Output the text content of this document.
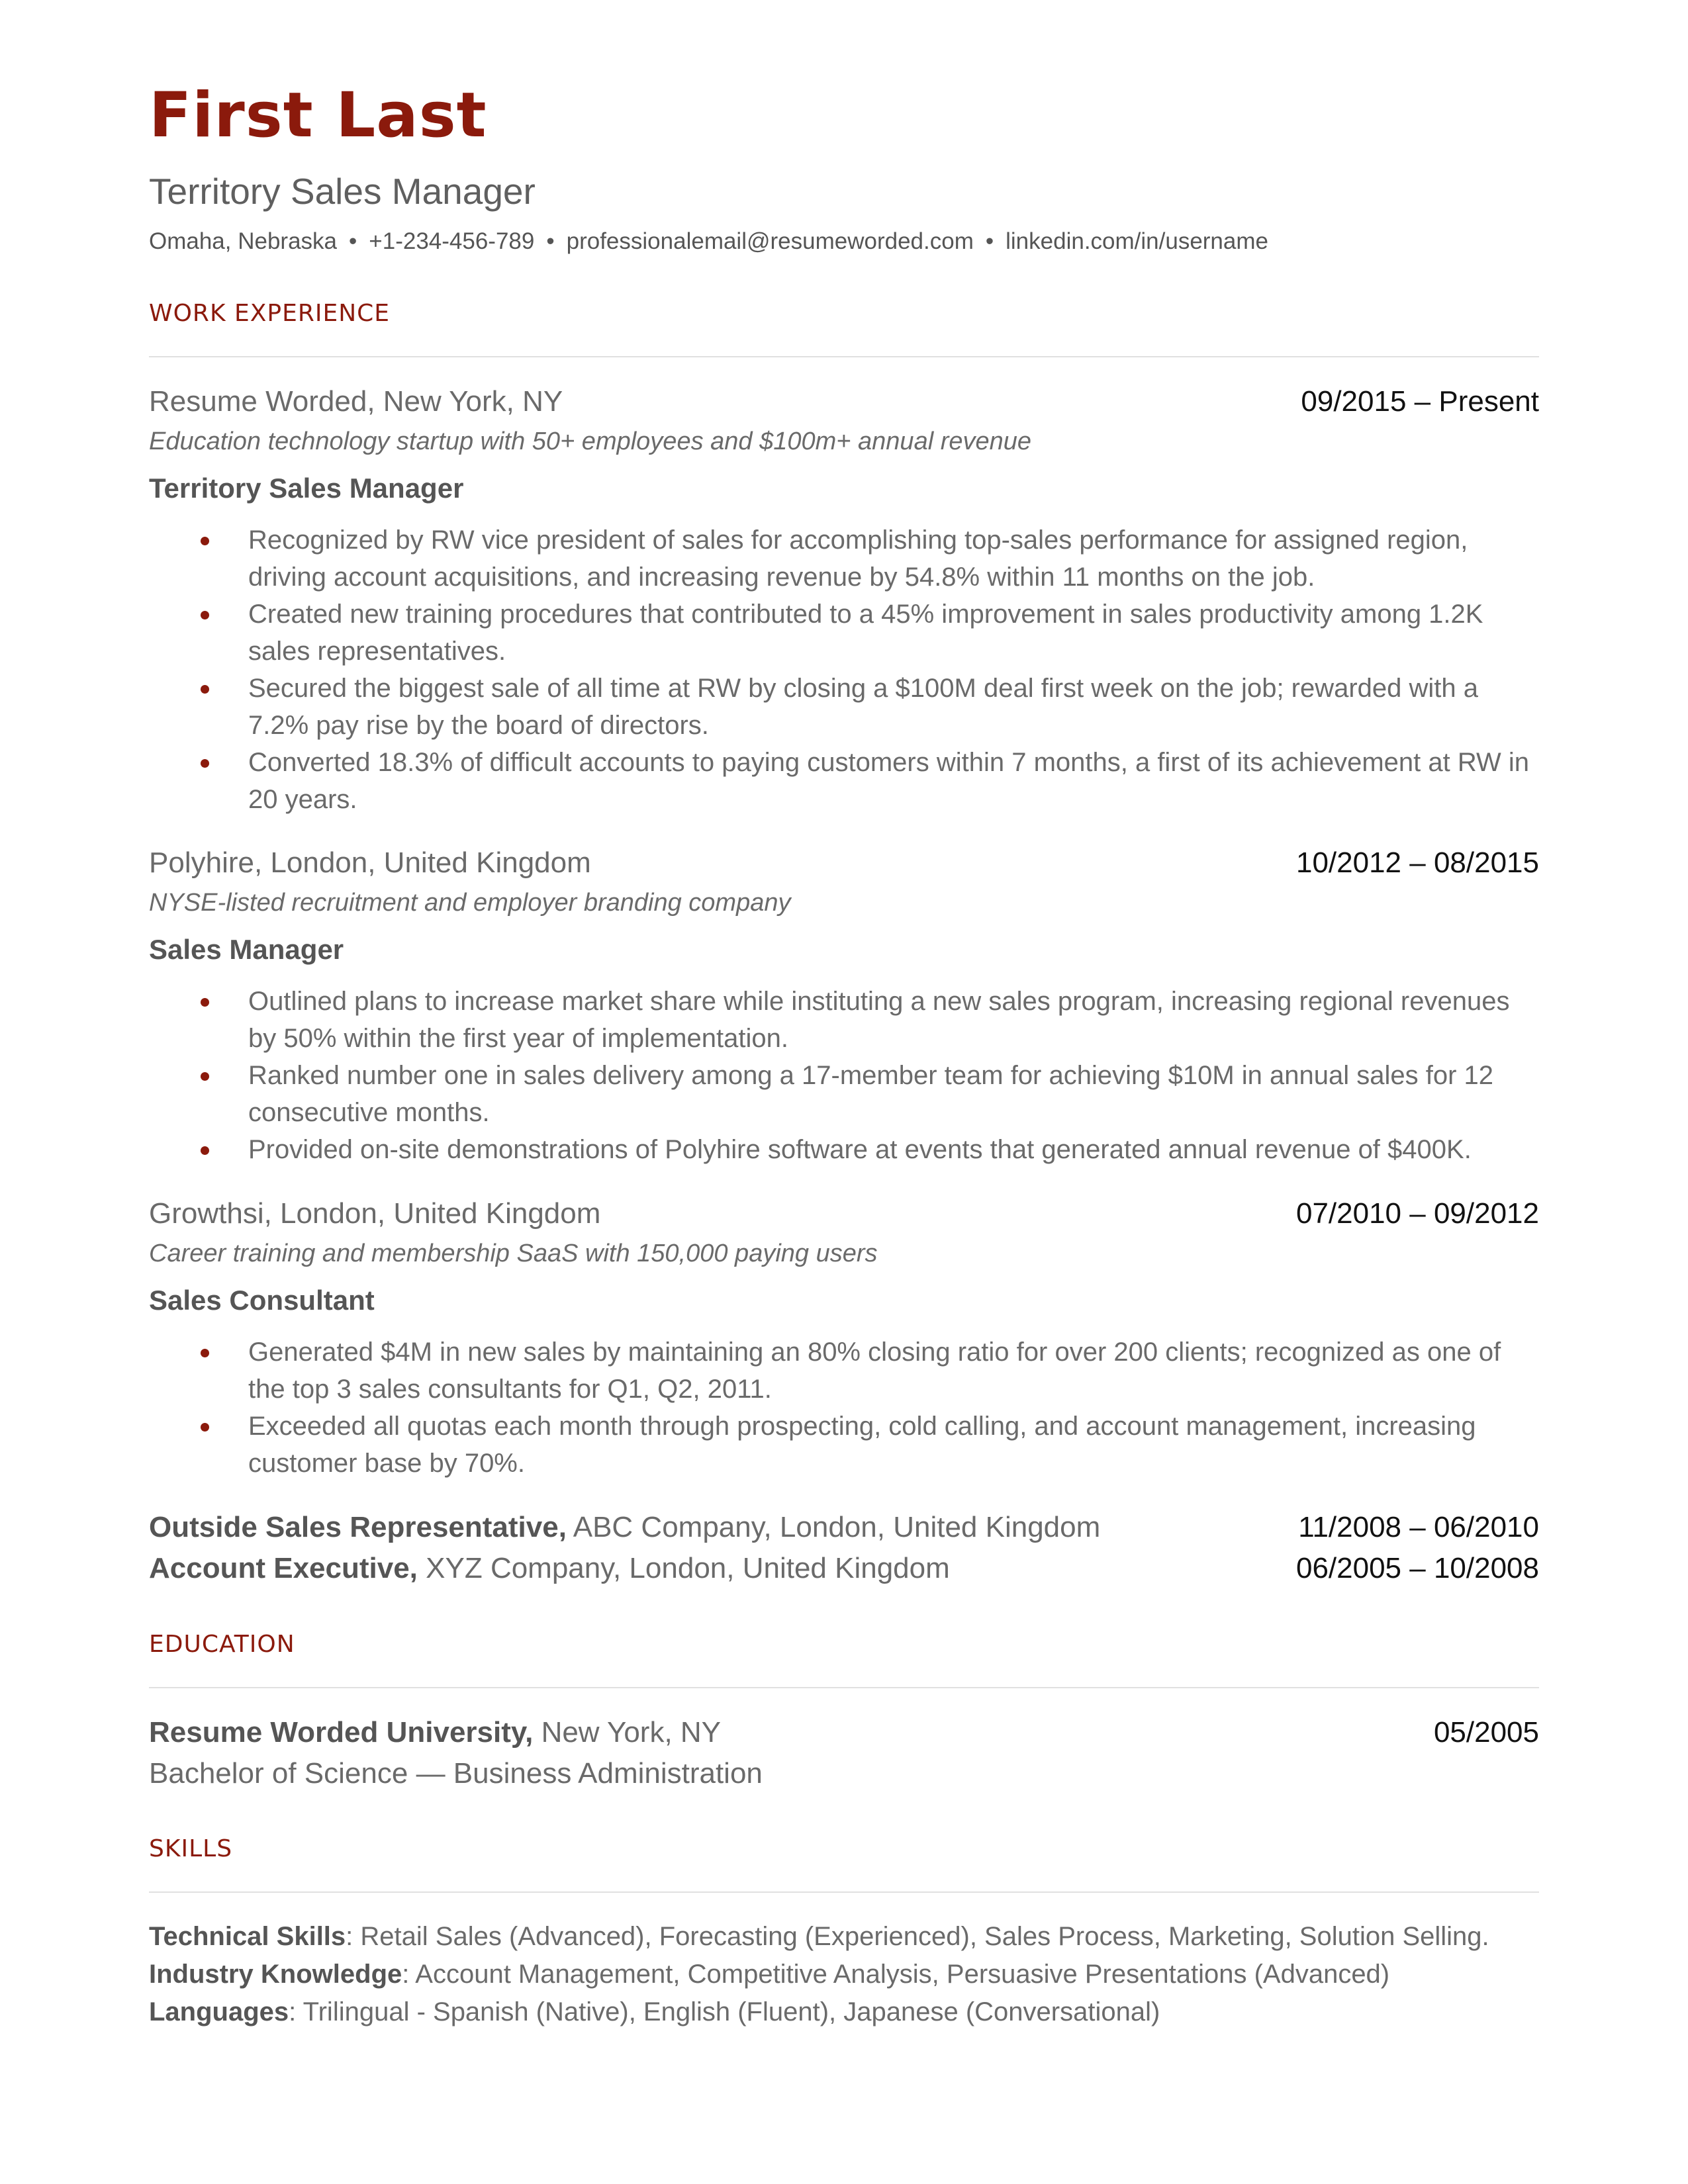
First Last
Territory Sales Manager
Omaha, Nebraska • +1-234-456-789 • professionalemail@resumeworded.com • linkedin.com/in/username
WORK EXPERIENCE
Resume Worded, New York, NY	09/2015 – Present
Education technology startup with 50+ employees and $100m+ annual revenue
Territory Sales Manager
Recognized by RW vice president of sales for accomplishing top-sales performance for assigned region, driving account acquisitions, and increasing revenue by 54.8% within 11 months on the job.
Created new training procedures that contributed to a 45% improvement in sales productivity among 1.2K sales representatives.
Secured the biggest sale of all time at RW by closing a $100M deal first week on the job; rewarded with a 7.2% pay rise by the board of directors.
Converted 18.3% of difficult accounts to paying customers within 7 months, a first of its achievement at RW in 20 years.
Polyhire, London, United Kingdom	10/2012 – 08/2015
NYSE-listed recruitment and employer branding company
Sales Manager
Outlined plans to increase market share while instituting a new sales program, increasing regional revenues by 50% within the first year of implementation.
Ranked number one in sales delivery among a 17-member team for achieving $10M in annual sales for 12 consecutive months.
Provided on-site demonstrations of Polyhire software at events that generated annual revenue of $400K.
Growthsi, London, United Kingdom	07/2010 – 09/2012
Career training and membership SaaS with 150,000 paying users
Sales Consultant
Generated $4M in new sales by maintaining an 80% closing ratio for over 200 clients; recognized as one of the top 3 sales consultants for Q1, Q2, 2011.
Exceeded all quotas each month through prospecting, cold calling, and account management, increasing customer base by 70%.
Outside Sales Representative, ABC Company, London, United Kingdom	11/2008 – 06/2010
Account Executive, XYZ Company, London, United Kingdom	06/2005 – 10/2008
EDUCATION
Resume Worded University, New York, NY	05/2005
Bachelor of Science — Business Administration
SKILLS
Technical Skills: Retail Sales (Advanced), Forecasting (Experienced), Sales Process, Marketing, Solution Selling.
Industry Knowledge: Account Management, Competitive Analysis, Persuasive Presentations (Advanced)
Languages: Trilingual - Spanish (Native), English (Fluent), Japanese (Conversational)
